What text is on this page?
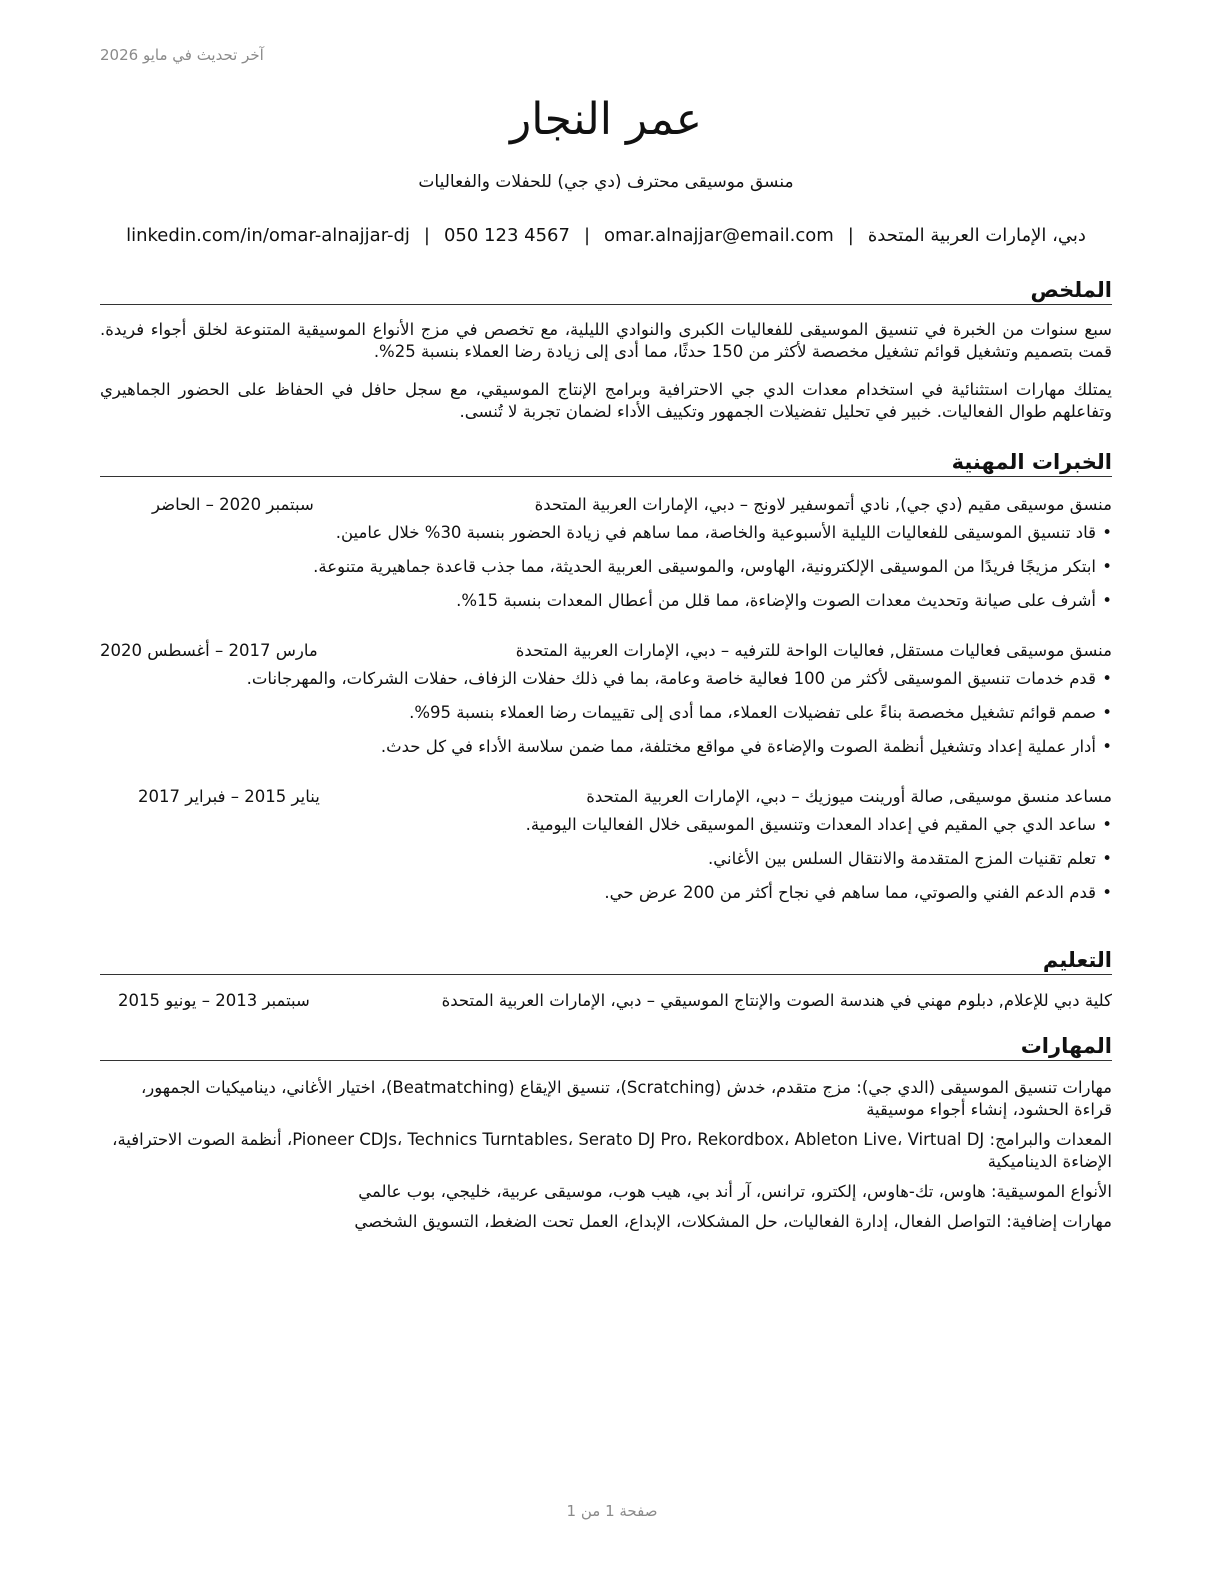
آخر تحديث في مايو 2026
عمر النجار
منسق موسيقى محترف (دي جي) للحفلات والفعاليات
دبي، الإمارات العربية المتحدة|omar.alnajjar@email.com|050 123 4567|linkedin.com/in/omar-alnajjar-dj
الملخص

سبع سنوات من الخبرة في تنسيق الموسيقى للفعاليات الكبرى والنوادي الليلية، مع تخصص في مزج الأنواع الموسيقية المتنوعة لخلق أجواء فريدة. قمت بتصميم وتشغيل قوائم تشغيل مخصصة لأكثر من 150 حدثًا، مما أدى إلى زيادة رضا العملاء بنسبة 25%.

يمتلك مهارات استثنائية في استخدام معدات الدي جي الاحترافية وبرامج الإنتاج الموسيقي، مع سجل حافل في الحفاظ على الحضور الجماهيري وتفاعلهم طوال الفعاليات. خبير في تحليل تفضيلات الجمهور وتكييف الأداء لضمان تجربة لا تُنسى.

الخبرات المهنية
منسق موسيقى مقيم (دي جي), نادي أتموسفير لاونج – دبي، الإمارات العربية المتحدة
سبتمبر 2020 – الحاضر
• قاد تنسيق الموسيقى للفعاليات الليلية الأسبوعية والخاصة، مما ساهم في زيادة الحضور بنسبة 30% خلال عامين.
• ابتكر مزيجًا فريدًا من الموسيقى الإلكترونية، الهاوس، والموسيقى العربية الحديثة، مما جذب قاعدة جماهيرية متنوعة.
• أشرف على صيانة وتحديث معدات الصوت والإضاءة، مما قلل من أعطال المعدات بنسبة 15%.
منسق موسيقى فعاليات مستقل, فعاليات الواحة للترفيه – دبي، الإمارات العربية المتحدة
مارس 2017 – أغسطس 2020
• قدم خدمات تنسيق الموسيقى لأكثر من 100 فعالية خاصة وعامة، بما في ذلك حفلات الزفاف، حفلات الشركات، والمهرجانات.
• صمم قوائم تشغيل مخصصة بناءً على تفضيلات العملاء، مما أدى إلى تقييمات رضا العملاء بنسبة 95%.
• أدار عملية إعداد وتشغيل أنظمة الصوت والإضاءة في مواقع مختلفة، مما ضمن سلاسة الأداء في كل حدث.
مساعد منسق موسيقى, صالة أورينت ميوزيك – دبي، الإمارات العربية المتحدة
يناير 2015 – فبراير 2017
• ساعد الدي جي المقيم في إعداد المعدات وتنسيق الموسيقى خلال الفعاليات اليومية.
• تعلم تقنيات المزج المتقدمة والانتقال السلس بين الأغاني.
• قدم الدعم الفني والصوتي، مما ساهم في نجاح أكثر من 200 عرض حي.
التعليم
كلية دبي للإعلام, دبلوم مهني في هندسة الصوت والإنتاج الموسيقي – دبي، الإمارات العربية المتحدة
سبتمبر 2013 – يونيو 2015
المهارات

مهارات تنسيق الموسيقى (الدي جي): مزج متقدم، خدش (Scratching)، تنسيق الإيقاع (Beatmatching)، اختيار الأغاني، ديناميكيات الجمهور، قراءة الحشود، إنشاء أجواء موسيقية

المعدات والبرامج: Pioneer CDJs، Technics Turntables، Serato DJ Pro، Rekordbox، Ableton Live، Virtual DJ، أنظمة الصوت الاحترافية، الإضاءة الديناميكية

الأنواع الموسيقية: هاوس، تك-هاوس، إلكترو، ترانس، آر أند بي، هيب هوب، موسيقى عربية، خليجي، بوب عالمي

مهارات إضافية: التواصل الفعال، إدارة الفعاليات، حل المشكلات، الإبداع، العمل تحت الضغط، التسويق الشخصي

صفحة 1 من 1
